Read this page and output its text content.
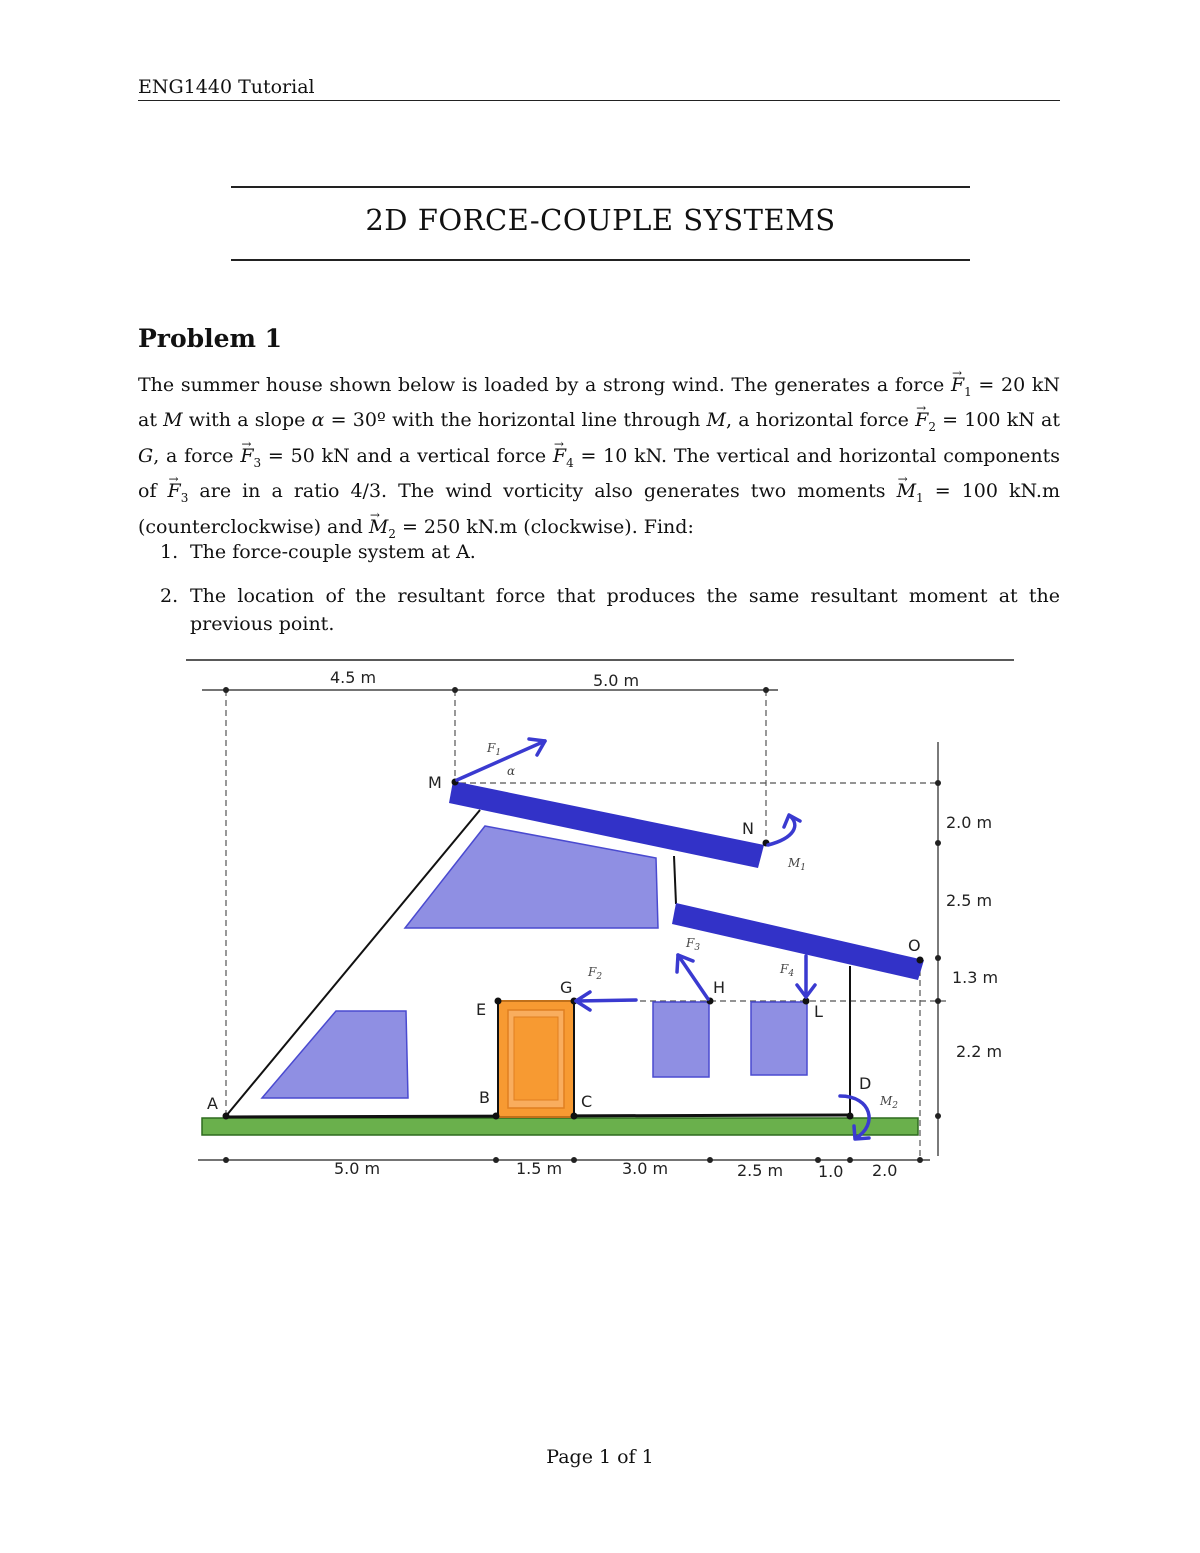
ENG1440 Tutorial
2D FORCE-COUPLE SYSTEMS
Problem 1
The summer house shown below is loaded by a strong wind. The generates a force → $F_1 = 20$ kN at M with a slope α = 30º with the horizontal line through M, a horizontal force → $F_2 = 100$ kN at G, a force → $F_3 = 50$ kN and a vertical force → $F_4 = 10$ kN. The vertical and horizontal components of → $F_3$ are in a ratio 4/3. The wind vorticity also generates two moments → $M_1 = 100$ kN.m (counterclockwise) and → $M_2 = 250$ kN.m (clockwise). Find:
1. The force-couple system at A.
2. The location of the resultant force that produces the same resultant moment at the previous point.
4.5 m	5.0 m
2.0 m
2.5 m
1.3 m
2.2 m
5.0 m	1.5 m	3.0 m	2.5 m 1.0 2.0
A	B	C
D
E
G	H
L
M
N
O
$F_1$
$F_2$
$F_3$
$F_4$
$M_1$
$M_2$
α
Page 1 of 1
